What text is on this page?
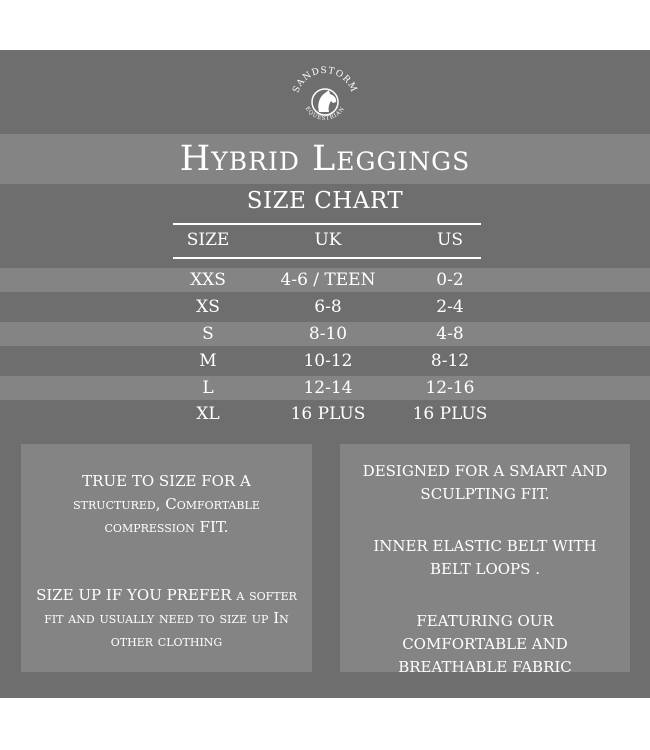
SANDSTORM
EQUESTRIAN
Hybrid Leggings
SIZE CHART
SIZE	UK	US
XXS	4-6 / TEEN	0-2
XS	6-8	2-4
S	8-10	4-8
M	10-12	8-12
L	12-14	12-16
XL	16 PLUS	16 PLUS

TRUE TO SIZE FOR A structured, Comfortable compression FIT.

SIZE UP IF YOU PREFER a softer fit and usually need to size up In other clothing

DESIGNED FOR A SMART AND SCULPTING FIT.

INNER ELASTIC BELT WITH BELT LOOPS .

FEATURING OUR COMFORTABLE AND BREATHABLE FABRIC
